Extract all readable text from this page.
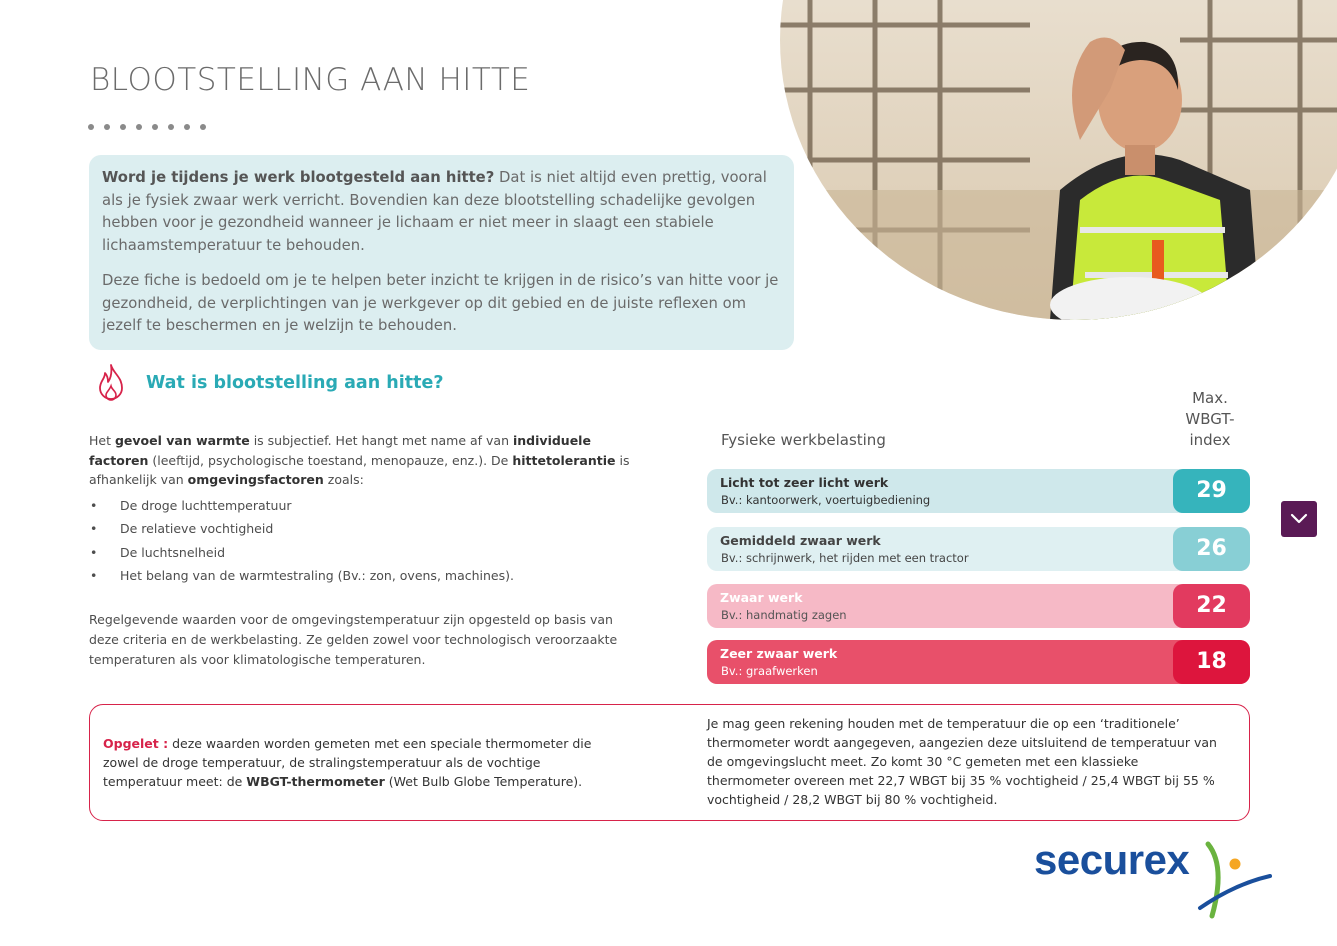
BLOOTSTELLING AAN HITTE

Word je tijdens je werk blootgesteld aan hitte? Dat is niet altijd even prettig, vooral als je fysiek zwaar werk verricht. Bovendien kan deze blootstelling schadelijke gevolgen hebben voor je gezondheid wanneer je lichaam er niet meer in slaagt een stabiele lichaamstemperatuur te behouden.

Deze fiche is bedoeld om je te helpen beter inzicht te krijgen in de risico’s van hitte voor je gezondheid, de verplichtingen van je werkgever op dit gebied en de juiste reflexen om jezelf te beschermen en je welzijn te behouden.

Wat is blootstelling aan hitte?
Het gevoel van warmte is subjectief. Het hangt met name af van individuele factoren (leeftijd, psychologische toestand, menopauze, enz.). De hittetolerantie is afhankelijk van omgevingsfactoren zoals:
• De droge luchttemperatuur
• De relatieve vochtigheid
• De luchtsnelheid
• Het belang van de warmtestraling (Bv.: zon, ovens, machines).

Regelgevende waarden voor de omgevingstemperatuur zijn opgesteld op basis van deze criteria en de werkbelasting. Ze gelden zowel voor technologisch veroorzaakte temperaturen als voor klimatologische temperaturen.

Fysieke werkbelasting
Max. WBGT-index
Licht tot zeer licht werk
Bv.: kantoorwerk, voertuigbediening	29
Gemiddeld zwaar werk
Bv.: schrijnwerk, het rijden met een tractor	26
Zwaar werk
Bv.: handmatig zagen	22
Zeer zwaar werk
Bv.: graafwerken	18

Opgelet : deze waarden worden gemeten met een speciale thermometer die zowel de droge temperatuur, de stralingstemperatuur als de vochtige temperatuur meet: de WBGT-thermometer (Wet Bulb Globe Temperature).

Je mag geen rekening houden met de temperatuur die op een ‘traditionele’ thermometer wordt aangegeven, aangezien deze uitsluitend de temperatuur van de omgevingslucht meet. Zo komt 30 °C gemeten met een klassieke thermometer overeen met 22,7 WBGT bij 35 % vochtigheid / 25,4 WBGT bij 55 % vochtigheid / 28,2 WBGT bij 80 % vochtigheid.

securex
